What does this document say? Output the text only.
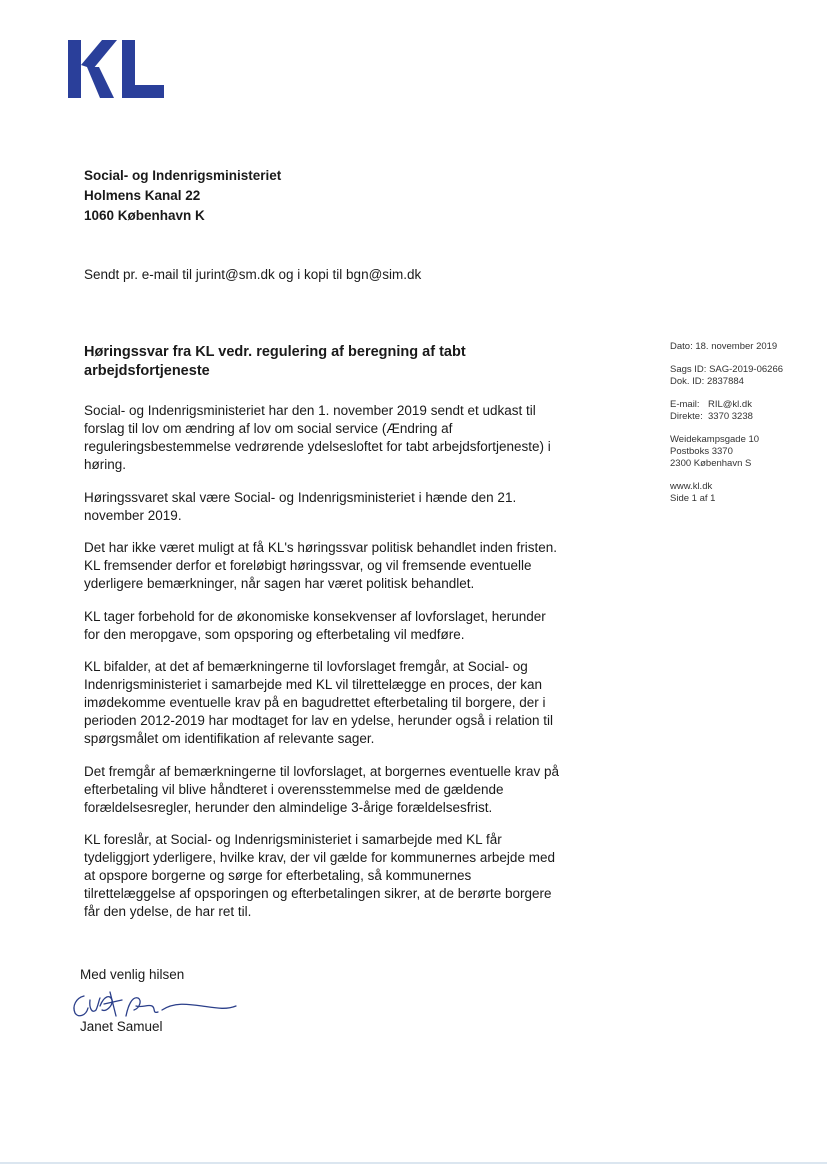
Social- og Indenrigsministeriet
Holmens Kanal 22
1060 København K
Sendt pr. e-mail til jurint@sm.dk og i kopi til bgn@sim.dk
Høringssvar fra KL vedr. regulering af beregning af tabt arbejdsfortjeneste

Social- og Indenrigsministeriet har den 1. november 2019 sendt et udkast til forslag til lov om ændring af lov om social service (Ændring af reguleringsbestemmelse vedrørende ydelsesloftet for tabt arbejdsfortjeneste) i høring.

Høringssvaret skal være Social- og Indenrigsministeriet i hænde den 21. november 2019.

Det har ikke været muligt at få KL's høringssvar politisk behandlet inden fristen. KL fremsender derfor et foreløbigt høringssvar, og vil fremsende eventuelle yderligere bemærkninger, når sagen har været politisk behandlet.

KL tager forbehold for de økonomiske konsekvenser af lovforslaget, herunder for den meropgave, som opsporing og efterbetaling vil medføre.

KL bifalder, at det af bemærkningerne til lovforslaget fremgår, at Social- og Indenrigsministeriet i samarbejde med KL vil tilrettelægge en proces, der kan imødekomme eventuelle krav på en bagudrettet efterbetaling til borgere, der i perioden 2012-2019 har modtaget for lav en ydelse, herunder også i relation til spørgsmålet om identifikation af relevante sager.

Det fremgår af bemærkningerne til lovforslaget, at borgernes eventuelle krav på efterbetaling vil blive håndteret i overensstemmelse med de gældende forældelsesregler, herunder den almindelige 3-årige forældelsesfrist.

KL foreslår, at Social- og Indenrigsministeriet i samarbejde med KL får tydeliggjort yderligere, hvilke krav, der vil gælde for kommunernes arbejde med at opspore borgerne og sørge for efterbetaling, så kommunernes tilrettelæggelse af opsporingen og efterbetalingen sikrer, at de berørte borgere får den ydelse, de har ret til.

Med venlig hilsen
Janet Samuel
Dato: 18. november 2019
Sags ID: SAG-2019-06266
Dok. ID: 2837884
E-mail: RIL@kl.dk
Direkte: 3370 3238
Weidekampsgade 10
Postboks 3370
2300 København S
www.kl.dk
Side 1 af 1
